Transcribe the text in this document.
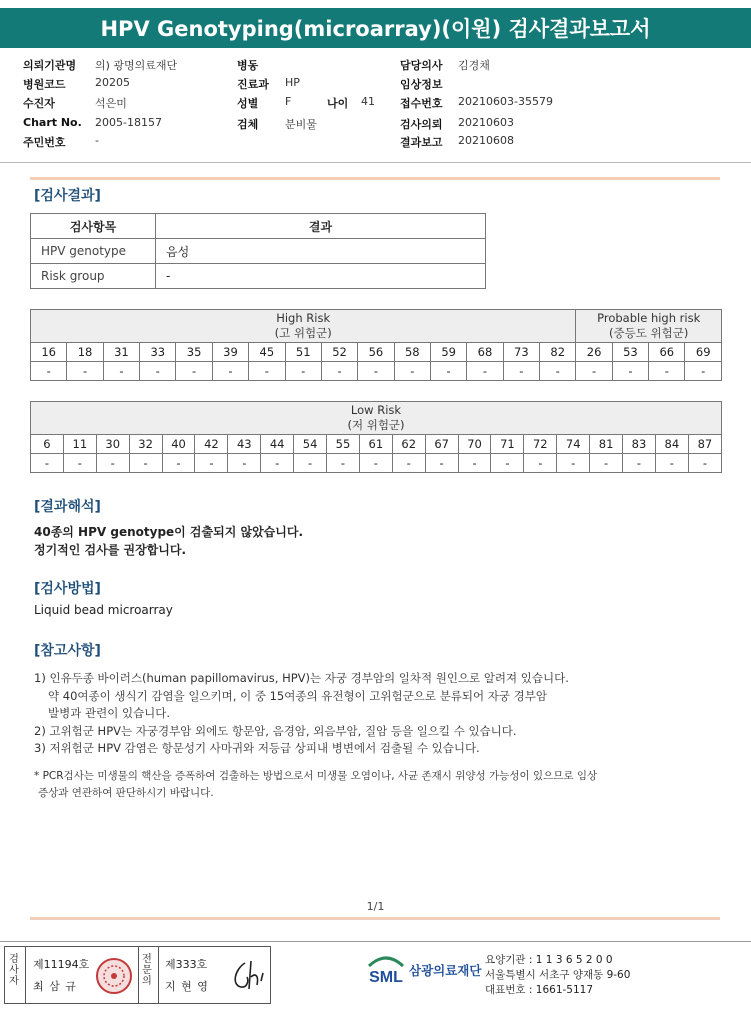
HPV Genotyping(microarray)(이원) 검사결과보고서
의뢰기관명 의) 광명의료재단
병원코드	20205
수진자	석은미
Chart No. 2005-18157
주민번호	-
병동
진료과 HP
성별 F	나이 41
검체 분비물
담당의사 김경채
임상정보
접수번호 20210603-35579
검사의뢰 20210603
결과보고 20210608
[검사결과]
검사항목	결과
HPV genotype	음성
Risk group	-
High Risk
(고 위험군)															Probable high risk
(중등도 위험군)			
16	18	31	33	35	39	45	51	52	56	58	59	68	73	82	26	53	66	69
-	-	-	-	-	-	-	-	-	-	-	-	-	-	-	-	-	-	-
Low Risk
(저 위험군)																				
6	11	30	32	40	42	43	44	54	55	61	62	67	70	71	72	74	81	83	84	87
-	-	-	-	-	-	-	-	-	-	-	-	-	-	-	-	-	-	-	-	-
[결과해석]
40종의 HPV genotype이 검출되지 않았습니다.
정기적인 검사를 권장합니다.
[검사방법]
Liquid bead microarray
[참고사항]
1) 인유두종 바이러스(human papillomavirus, HPV)는 자궁 경부암의 일차적 원인으로 알려져 있습니다.
약 40여종이 생식기 감염을 일으키며, 이 중 15여종의 유전형이 고위험군으로 분류되어 자궁 경부암
발병과 관련이 있습니다.
2) 고위험군 HPV는 자궁경부암 외에도 항문암, 음경암, 외음부암, 질암 등을 일으킬 수 있습니다.
3) 저위험군 HPV 감염은 항문성기 사마귀와 저등급 상피내 병변에서 검출될 수 있습니다.
* PCR검사는 미생물의 핵산을 증폭하여 검출하는 방법으로서 미생물 오염이나, 사균 존재시 위양성 가능성이 있으므로 임상
증상과 연관하여 판단하시기 바랍니다.
1/1
검
사
자
제11194호
최 삼 규
전
문
의
제333호
지 현 영
SML 삼광의료재단
요양기관 : 1 1 3 6 5 2 0 0
서울특별시 서초구 양재동 9-60
대표번호 : 1661-5117
